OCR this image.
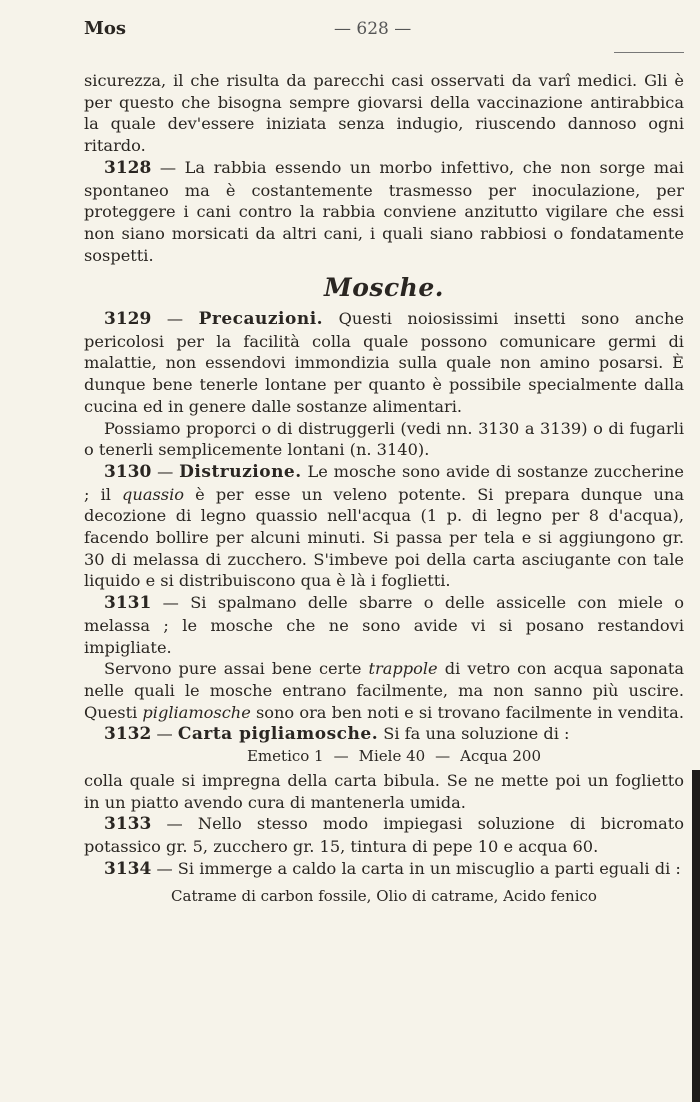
Mos	— 628 —

sicurezza, il che risulta da parecchi casi osservati da varî medici. Gli è per questo che bisogna sempre giovarsi della vaccinazione antirabbica la quale dev'essere iniziata senza indugio, riuscendo dannoso ogni ritardo.

3128 — La rabbia essendo un morbo infettivo, che non sorge mai spontaneo ma è costantemente trasmesso per inoculazione, per proteggere i cani contro la rabbia conviene anzitutto vigilare che essi non siano morsicati da altri cani, i quali siano rabbiosi o fondatamente sospetti.

Mosche.

3129 — Precauzioni. Questi noiosissimi insetti sono anche pericolosi per la facilità colla quale possono comunicare germi di malattie, non essendovi immondizia sulla quale non amino posarsi. È dunque bene tenerle lontane per quanto è possibile specialmente dalla cucina ed in genere dalle sostanze alimentari.

Possiamo proporci o di distruggerli (vedi nn. 3130 a 3139) o di fugarli o tenerli semplicemente lontani (n. 3140).

3130 — Distruzione. Le mosche sono avide di sostanze zuccherine ; il quassio è per esse un veleno potente. Si prepara dunque una decozione di legno quassio nell'acqua (1 p. di legno per 8 d'acqua), facendo bollire per alcuni minuti. Si passa per tela e si aggiungono gr. 30 di melassa di zucchero. S'imbeve poi della carta asciugante con tale liquido e si distribuiscono qua è là i foglietti.

3131 — Si spalmano delle sbarre o delle assicelle con miele o melassa ; le mosche che ne sono avide vi si posano restandovi impigliate.

Servono pure assai bene certe trappole di vetro con acqua saponata nelle quali le mosche entrano facilmente, ma non sanno più uscire. Questi pigliamosche sono ora ben noti e si trovano facilmente in vendita.

3132 — Carta pigliamosche. Si fa una soluzione di :

Emetico 1 — Miele 40 — Acqua 200

colla quale si impregna della carta bibula. Se ne mette poi un foglietto in un piatto avendo cura di mantenerla umida.

3133 — Nello stesso modo impiegasi soluzione di bicromato potassico gr. 5, zucchero gr. 15, tintura di pepe 10 e acqua 60.

3134 — Si immerge a caldo la carta in un miscuglio a parti eguali di :

Catrame di carbon fossile, Olio di catrame, Acido fenico
